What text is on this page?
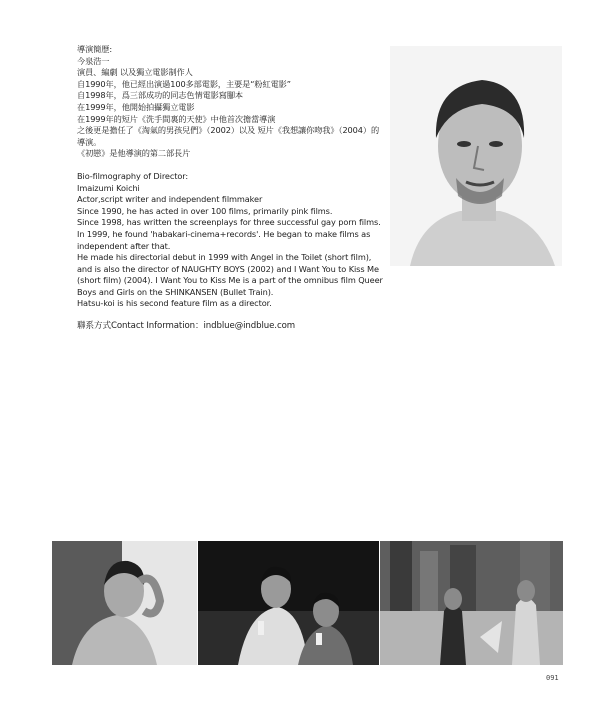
導演簡歷:
今泉浩一
演員、編劇 以及獨立電影制作人
自1990年，他已經出演過100多部電影，主要是“粉紅電影”
自1998年，爲三部成功的同志色情電影寫腳本
在1999年，他開始拍攝獨立電影
在1999年的短片《洗手間裏的天使》中他首次擔當導演
之後更是擔任了《淘氣的男孩兒們》（2002）以及 短片《我想讓你吻我》（2004）的導演。
《初戀》是他導演的第二部長片
Bio-filmography of Director:
Imaizumi Koichi
Actor,script writer and independent filmmaker
Since 1990, he has acted in over 100 films, primarily pink films.
Since 1998, has written the screenplays for three successful gay porn films.
In 1999, he found 'habakari-cinema+records'. He began to make films as independent after that.
He made his directorial debut in 1999 with Angel in the Toilet (short film),
and is also the director of NAUGHTY BOYS (2002) and I Want You to Kiss Me (short film) (2004). I Want You to Kiss Me is a part of the omnibus film Queer Boys and Girls on the SHINKANSEN (Bullet Train).
Hatsu-koi is his second feature film as a director.
聯系方式Contact Information：indblue@indblue.com
091
